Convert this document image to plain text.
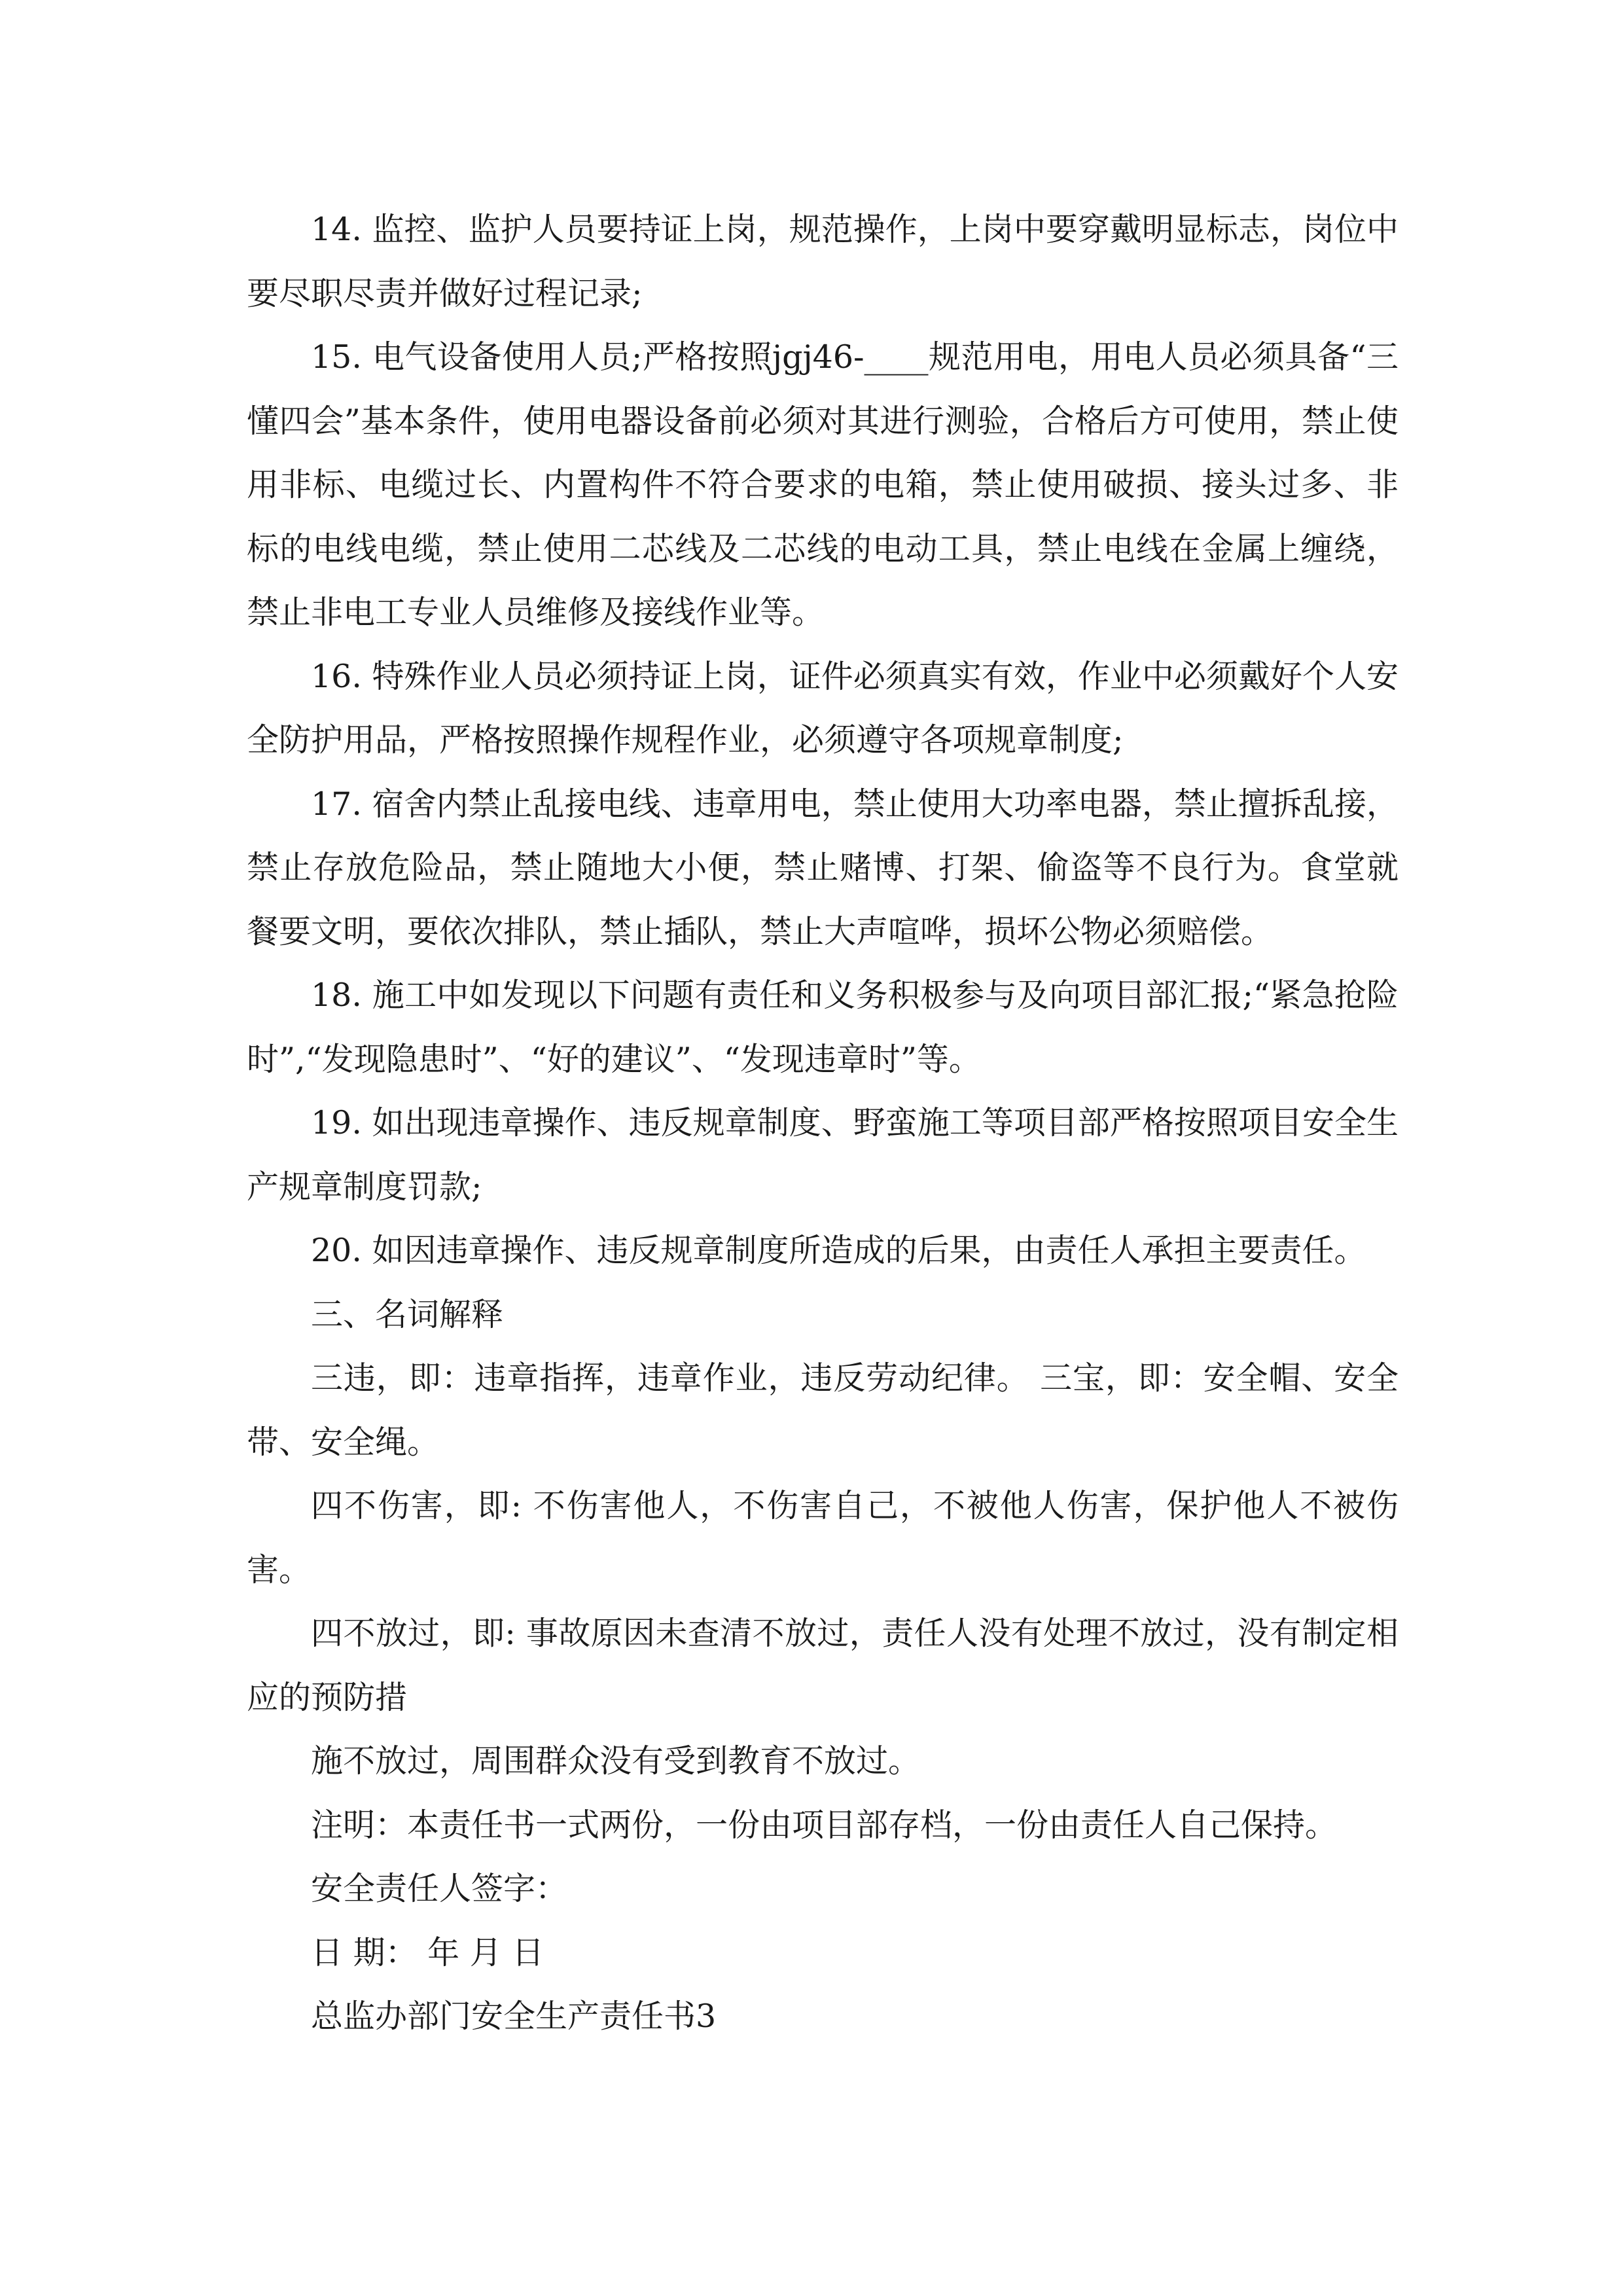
14. 监控、监护人员要持证上岗，规范操作，上岗中要穿戴明显标志，岗位中要尽职尽责并做好过程记录;

15. 电气设备使用人员;严格按照jgj46-____规范用电，用电人员必须具备“三懂四会”基本条件，使用电器设备前必须对其进行测验，合格后方可使用，禁止使用非标、电缆过长、内置构件不符合要求的电箱，禁止使用破损、接头过多、非标的电线电缆，禁止使用二芯线及二芯线的电动工具，禁止电线在金属上缠绕，禁止非电工专业人员维修及接线作业等。

16. 特殊作业人员必须持证上岗，证件必须真实有效，作业中必须戴好个人安全防护用品，严格按照操作规程作业，必须遵守各项规章制度;

17. 宿舍内禁止乱接电线、违章用电，禁止使用大功率电器，禁止擅拆乱接，禁止存放危险品，禁止随地大小便，禁止赌博、打架、偷盗等不良行为。食堂就餐要文明，要依次排队，禁止插队，禁止大声喧哗，损坏公物必须赔偿。

18. 施工中如发现以下问题有责任和义务积极参与及向项目部汇报;“紧急抢险时”,“发现隐患时”、“好的建议”、“发现违章时”等。

19. 如出现违章操作、违反规章制度、野蛮施工等项目部严格按照项目安全生产规章制度罚款;

20. 如因违章操作、违反规章制度所造成的后果，由责任人承担主要责任。

三、名词解释

三违，即：违章指挥，违章作业，违反劳动纪律。 三宝，即：安全帽、安全带、安全绳。

四不伤害，即: 不伤害他人，不伤害自己，不被他人伤害，保护他人不被伤害。

四不放过，即: 事故原因未查清不放过，责任人没有处理不放过，没有制定相应的预防措

施不放过，周围群众没有受到教育不放过。

注明：本责任书一式两份，一份由项目部存档，一份由责任人自己保持。

安全责任人签字：

日 期： 年 月 日

总监办部门安全生产责任书3
